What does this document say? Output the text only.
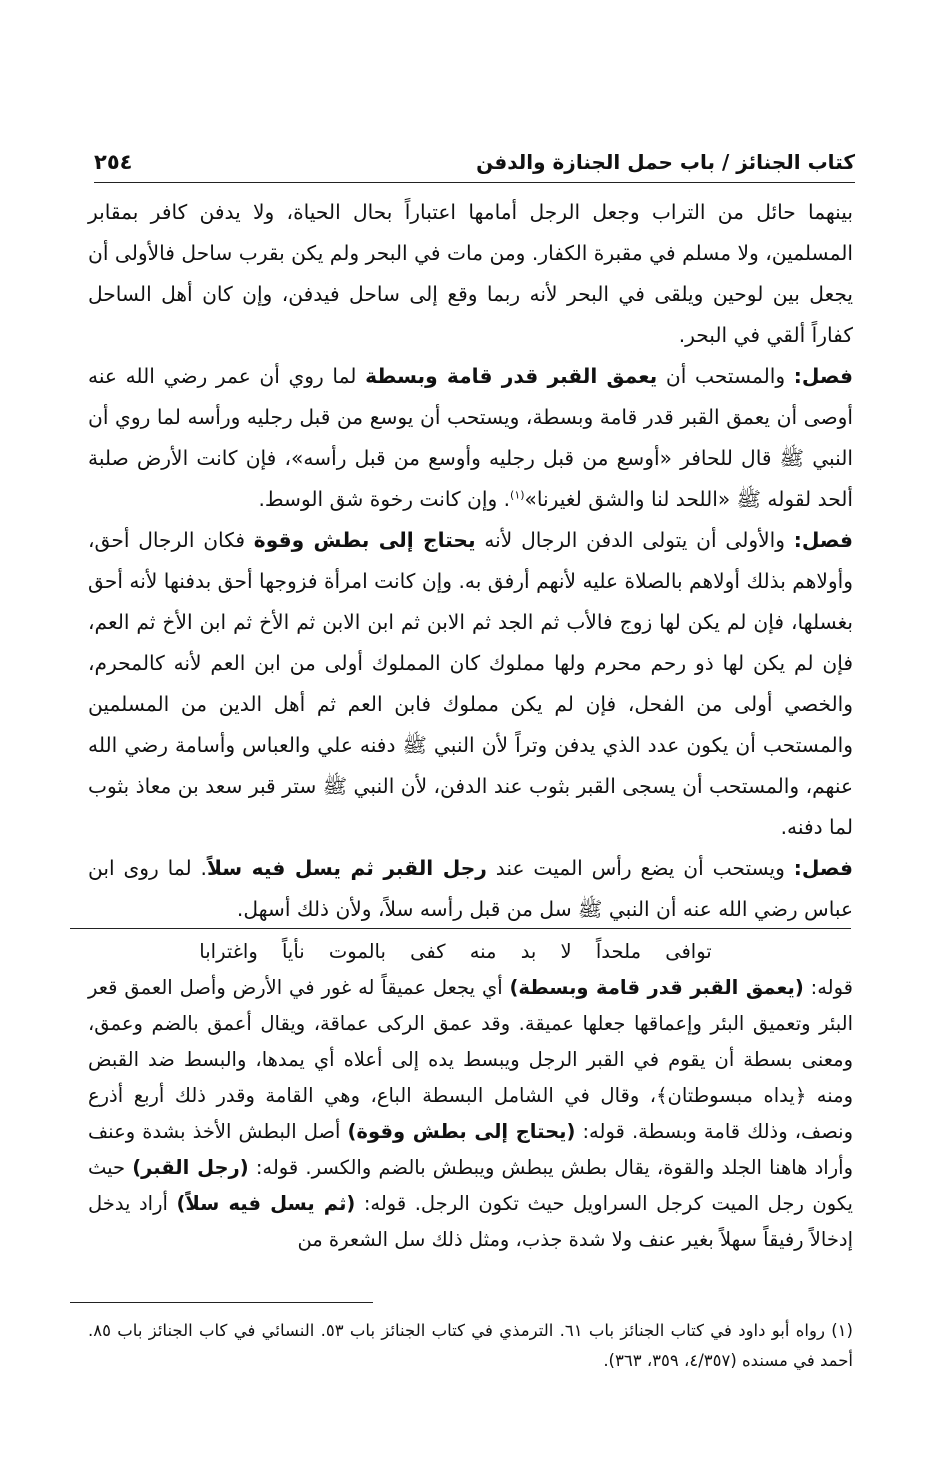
٢٥٤	كتاب الجنائز / باب حمل الجنازة والدفن

بينهما حائل من التراب وجعل الرجل أمامها اعتباراً بحال الحياة، ولا يدفن كافر بمقابر المسلمين، ولا مسلم في مقبرة الكفار. ومن مات في البحر ولم يكن بقرب ساحل فالأولى أن يجعل بين لوحين ويلقى في البحر لأنه ربما وقع إلى ساحل فيدفن، وإن كان أهل الساحل كفاراً ألقي في البحر.

فصل: والمستحب أن يعمق القبر قدر قامة وبسطة لما روي أن عمر رضي الله عنه أوصى أن يعمق القبر قدر قامة وبسطة، ويستحب أن يوسع من قبل رجليه ورأسه لما روي أن النبي ﷺ قال للحافر «أوسع من قبل رجليه وأوسع من قبل رأسه»، فإن كانت الأرض صلبة ألحد لقوله ﷺ «اللحد لنا والشق لغيرنا»$^{(١)}$. وإن كانت رخوة شق الوسط.

فصل: والأولى أن يتولى الدفن الرجال لأنه يحتاج إلى بطش وقوة فكان الرجال أحق، وأولاهم بذلك أولاهم بالصلاة عليه لأنهم أرفق به. وإن كانت امرأة فزوجها أحق بدفنها لأنه أحق بغسلها، فإن لم يكن لها زوج فالأب ثم الجد ثم الابن ثم ابن الابن ثم الأخ ثم ابن الأخ ثم العم، فإن لم يكن لها ذو رحم محرم ولها مملوك كان المملوك أولى من ابن العم لأنه كالمحرم، والخصي أولى من الفحل، فإن لم يكن مملوك فابن العم ثم أهل الدين من المسلمين والمستحب أن يكون عدد الذي يدفن وتراً لأن النبي ﷺ دفنه علي والعباس وأسامة رضي الله عنهم، والمستحب أن يسجى القبر بثوب عند الدفن، لأن النبي ﷺ ستر قبر سعد بن معاذ بثوب لما دفنه.

فصل: ويستحب أن يضع رأس الميت عند رجل القبر ثم يسل فيه سلاً. لما روى ابن عباس رضي الله عنه أن النبي ﷺ سل من قبل رأسه سلاً، ولأن ذلك أسهل.

توافى ملحداً لا بد منه كفى بالموت نأياً واغترابا

قوله: (يعمق القبر قدر قامة وبسطة) أي يجعل عميقاً له غور في الأرض وأصل العمق قعر البئر وتعميق البئر وإعماقها جعلها عميقة. وقد عمق الركى عماقة، ويقال أعمق بالضم وعمق، ومعنى بسطة أن يقوم في القبر الرجل ويبسط يده إلى أعلاه أي يمدها، والبسط ضد القبض ومنه ﴿يداه مبسوطتان﴾، وقال في الشامل البسطة الباع، وهي القامة وقدر ذلك أربع أذرع ونصف، وذلك قامة وبسطة. قوله: (يحتاج إلى بطش وقوة) أصل البطش الأخذ بشدة وعنف وأراد هاهنا الجلد والقوة، يقال بطش يبطش ويبطش بالضم والكسر. قوله: (رجل القبر) حيث يكون رجل الميت كرجل السراويل حيث تكون الرجل. قوله: (ثم يسل فيه سلاً) أراد يدخل إدخالاً رفيقاً سهلاً بغير عنف ولا شدة جذب، ومثل ذلك سل الشعرة من

(١) رواه أبو داود في كتاب الجنائز باب ٦١. الترمذي في كتاب الجنائز باب ٥٣. النسائي في كاب الجنائز باب ٨٥. أحمد في مسنده (٤/٣٥٧، ٣٥٩، ٣٦٣).
